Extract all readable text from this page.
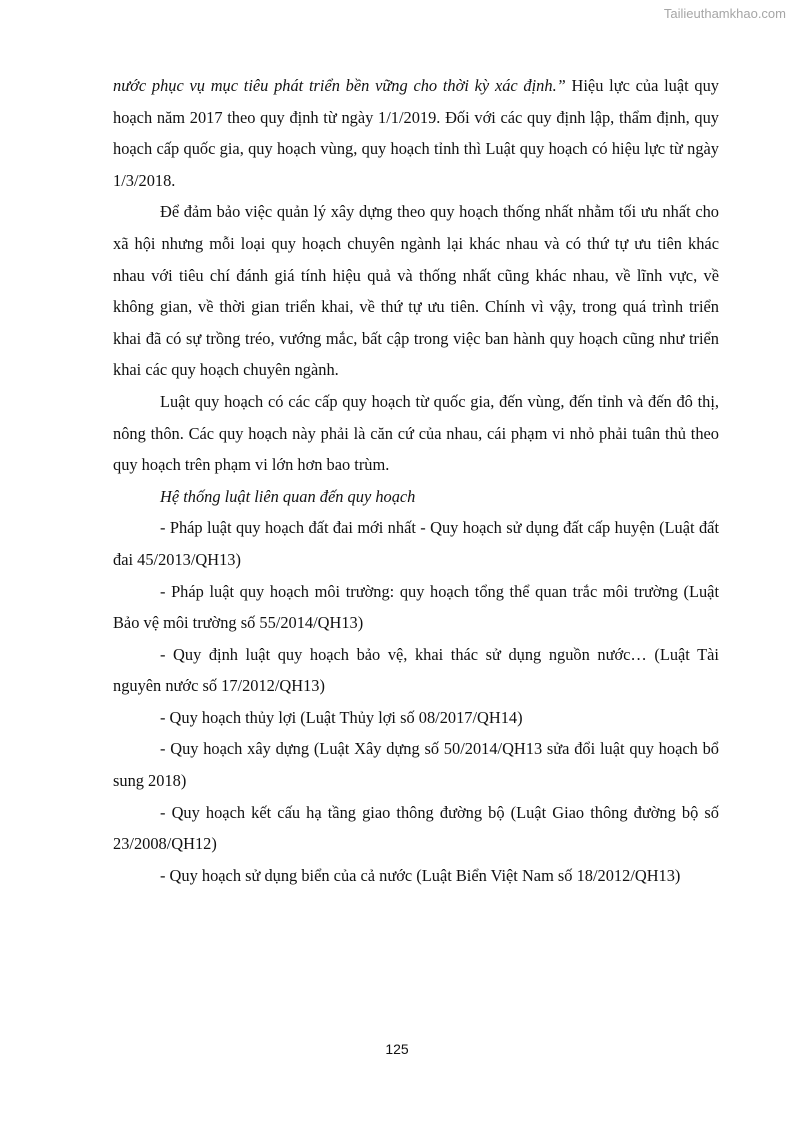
Tailieuthamkhao.com

nước phục vụ mục tiêu phát triển bền vững cho thời kỳ xác định.” Hiệu lực của luật quy hoạch năm 2017 theo quy định từ ngày 1/1/2019. Đối với các quy định lập, thẩm định, quy hoạch cấp quốc gia, quy hoạch vùng, quy hoạch tỉnh thì Luật quy hoạch có hiệu lực từ ngày 1/3/2018.

Để đảm bảo việc quản lý xây dựng theo quy hoạch thống nhất nhằm tối ưu nhất cho xã hội nhưng mỗi loại quy hoạch chuyên ngành lại khác nhau và có thứ tự ưu tiên khác nhau với tiêu chí đánh giá tính hiệu quả và thống nhất cũng khác nhau, về lĩnh vực, về không gian, về thời gian triển khai, về thứ tự ưu tiên. Chính vì vậy, trong quá trình triển khai đã có sự trồng tréo, vướng mắc, bất cập trong việc ban hành quy hoạch cũng như triển khai các quy hoạch chuyên ngành.

Luật quy hoạch có các cấp quy hoạch từ quốc gia, đến vùng, đến tỉnh và đến đô thị, nông thôn. Các quy hoạch này phải là căn cứ của nhau, cái phạm vi nhỏ phải tuân thủ theo quy hoạch trên phạm vi lớn hơn bao trùm.

Hệ thống luật liên quan đến quy hoạch

- Pháp luật quy hoạch đất đai mới nhất - Quy hoạch sử dụng đất cấp huyện (Luật đất đai 45/2013/QH13)

- Pháp luật quy hoạch môi trường: quy hoạch tổng thể quan trắc môi trường (Luật Bảo vệ môi trường số 55/2014/QH13)

- Quy định luật quy hoạch bảo vệ, khai thác sử dụng nguồn nước… (Luật Tài nguyên nước số 17/2012/QH13)

- Quy hoạch thủy lợi (Luật Thủy lợi số 08/2017/QH14)

- Quy hoạch xây dựng (Luật Xây dựng số 50/2014/QH13 sửa đổi luật quy hoạch bổ sung 2018)

- Quy hoạch kết cấu hạ tầng giao thông đường bộ (Luật Giao thông đường bộ số 23/2008/QH12)

- Quy hoạch sử dụng biển của cả nước (Luật Biển Việt Nam số 18/2012/QH13)

125
